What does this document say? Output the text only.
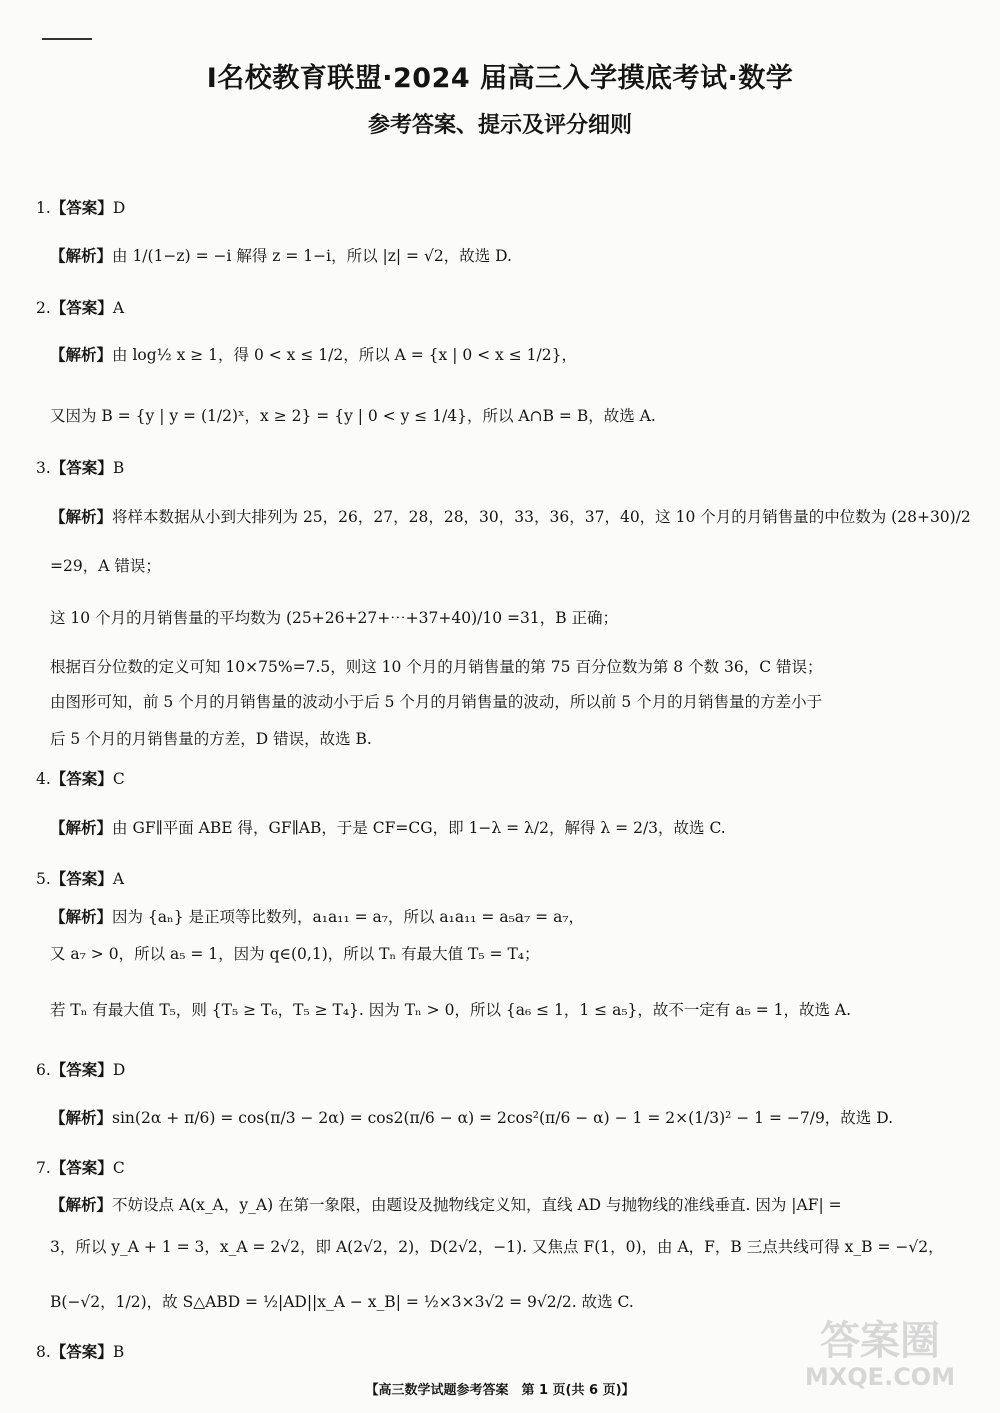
I名校教育联盟·2024 届高三入学摸底考试·数学
参考答案、提示及评分细则
1.【答案】D
【解析】由 1/(1−z) = −i 解得 z = 1−i，所以 |z| = √2，故选 D.
2.【答案】A
【解析】由 log½ x ≥ 1，得 0 < x ≤ 1/2，所以 A = {x | 0 < x ≤ 1/2}，
又因为 B = {y | y = (1/2)ˣ，x ≥ 2} = {y | 0 < y ≤ 1/4}，所以 A∩B = B，故选 A.
3.【答案】B
【解析】将样本数据从小到大排列为 25，26，27，28，28，30，33，36，37，40，这 10 个月的月销售量的中位数为 (28+30)/2
=29，A 错误；
这 10 个月的月销售量的平均数为 (25+26+27+⋯+37+40)/10 =31，B 正确；
根据百分位数的定义可知 10×75%=7.5，则这 10 个月的月销售量的第 75 百分位数为第 8 个数 36，C 错误；
由图形可知，前 5 个月的月销售量的波动小于后 5 个月的月销售量的波动，所以前 5 个月的月销售量的方差小于
后 5 个月的月销售量的方差，D 错误，故选 B.
4.【答案】C
【解析】由 GF∥平面 ABE 得，GF∥AB，于是 CF=CG，即 1−λ = λ/2，解得 λ = 2/3，故选 C.
5.【答案】A
【解析】因为 {aₙ} 是正项等比数列，a₁a₁₁ = a₇，所以 a₁a₁₁ = a₅a₇ = a₇，
又 a₇ > 0，所以 a₅ = 1，因为 q∈(0,1)，所以 Tₙ 有最大值 T₅ = T₄；
若 Tₙ 有最大值 T₅，则 {T₅ ≥ T₆，T₅ ≥ T₄}. 因为 Tₙ > 0，所以 {a₆ ≤ 1，1 ≤ a₅}，故不一定有 a₅ = 1，故选 A.
6.【答案】D
【解析】sin(2α + π/6) = cos(π/3 − 2α) = cos2(π/6 − α) = 2cos²(π/6 − α) − 1 = 2×(1/3)² − 1 = −7/9，故选 D.
7.【答案】C
【解析】不妨设点 A(x_A，y_A) 在第一象限，由题设及抛物线定义知，直线 AD 与抛物线的准线垂直. 因为 |AF| =
3，所以 y_A + 1 = 3，x_A = 2√2，即 A(2√2，2)，D(2√2，−1). 又焦点 F(1，0)，由 A，F，B 三点共线可得 x_B = −√2，
B(−√2，1/2)，故 S△ABD = ½|AD||x_A − x_B| = ½×3×3√2 = 9√2/2. 故选 C.
8.【答案】B	答案圈
MXQE.COM
【高三数学试题参考答案　第 1 页(共 6 页)】
